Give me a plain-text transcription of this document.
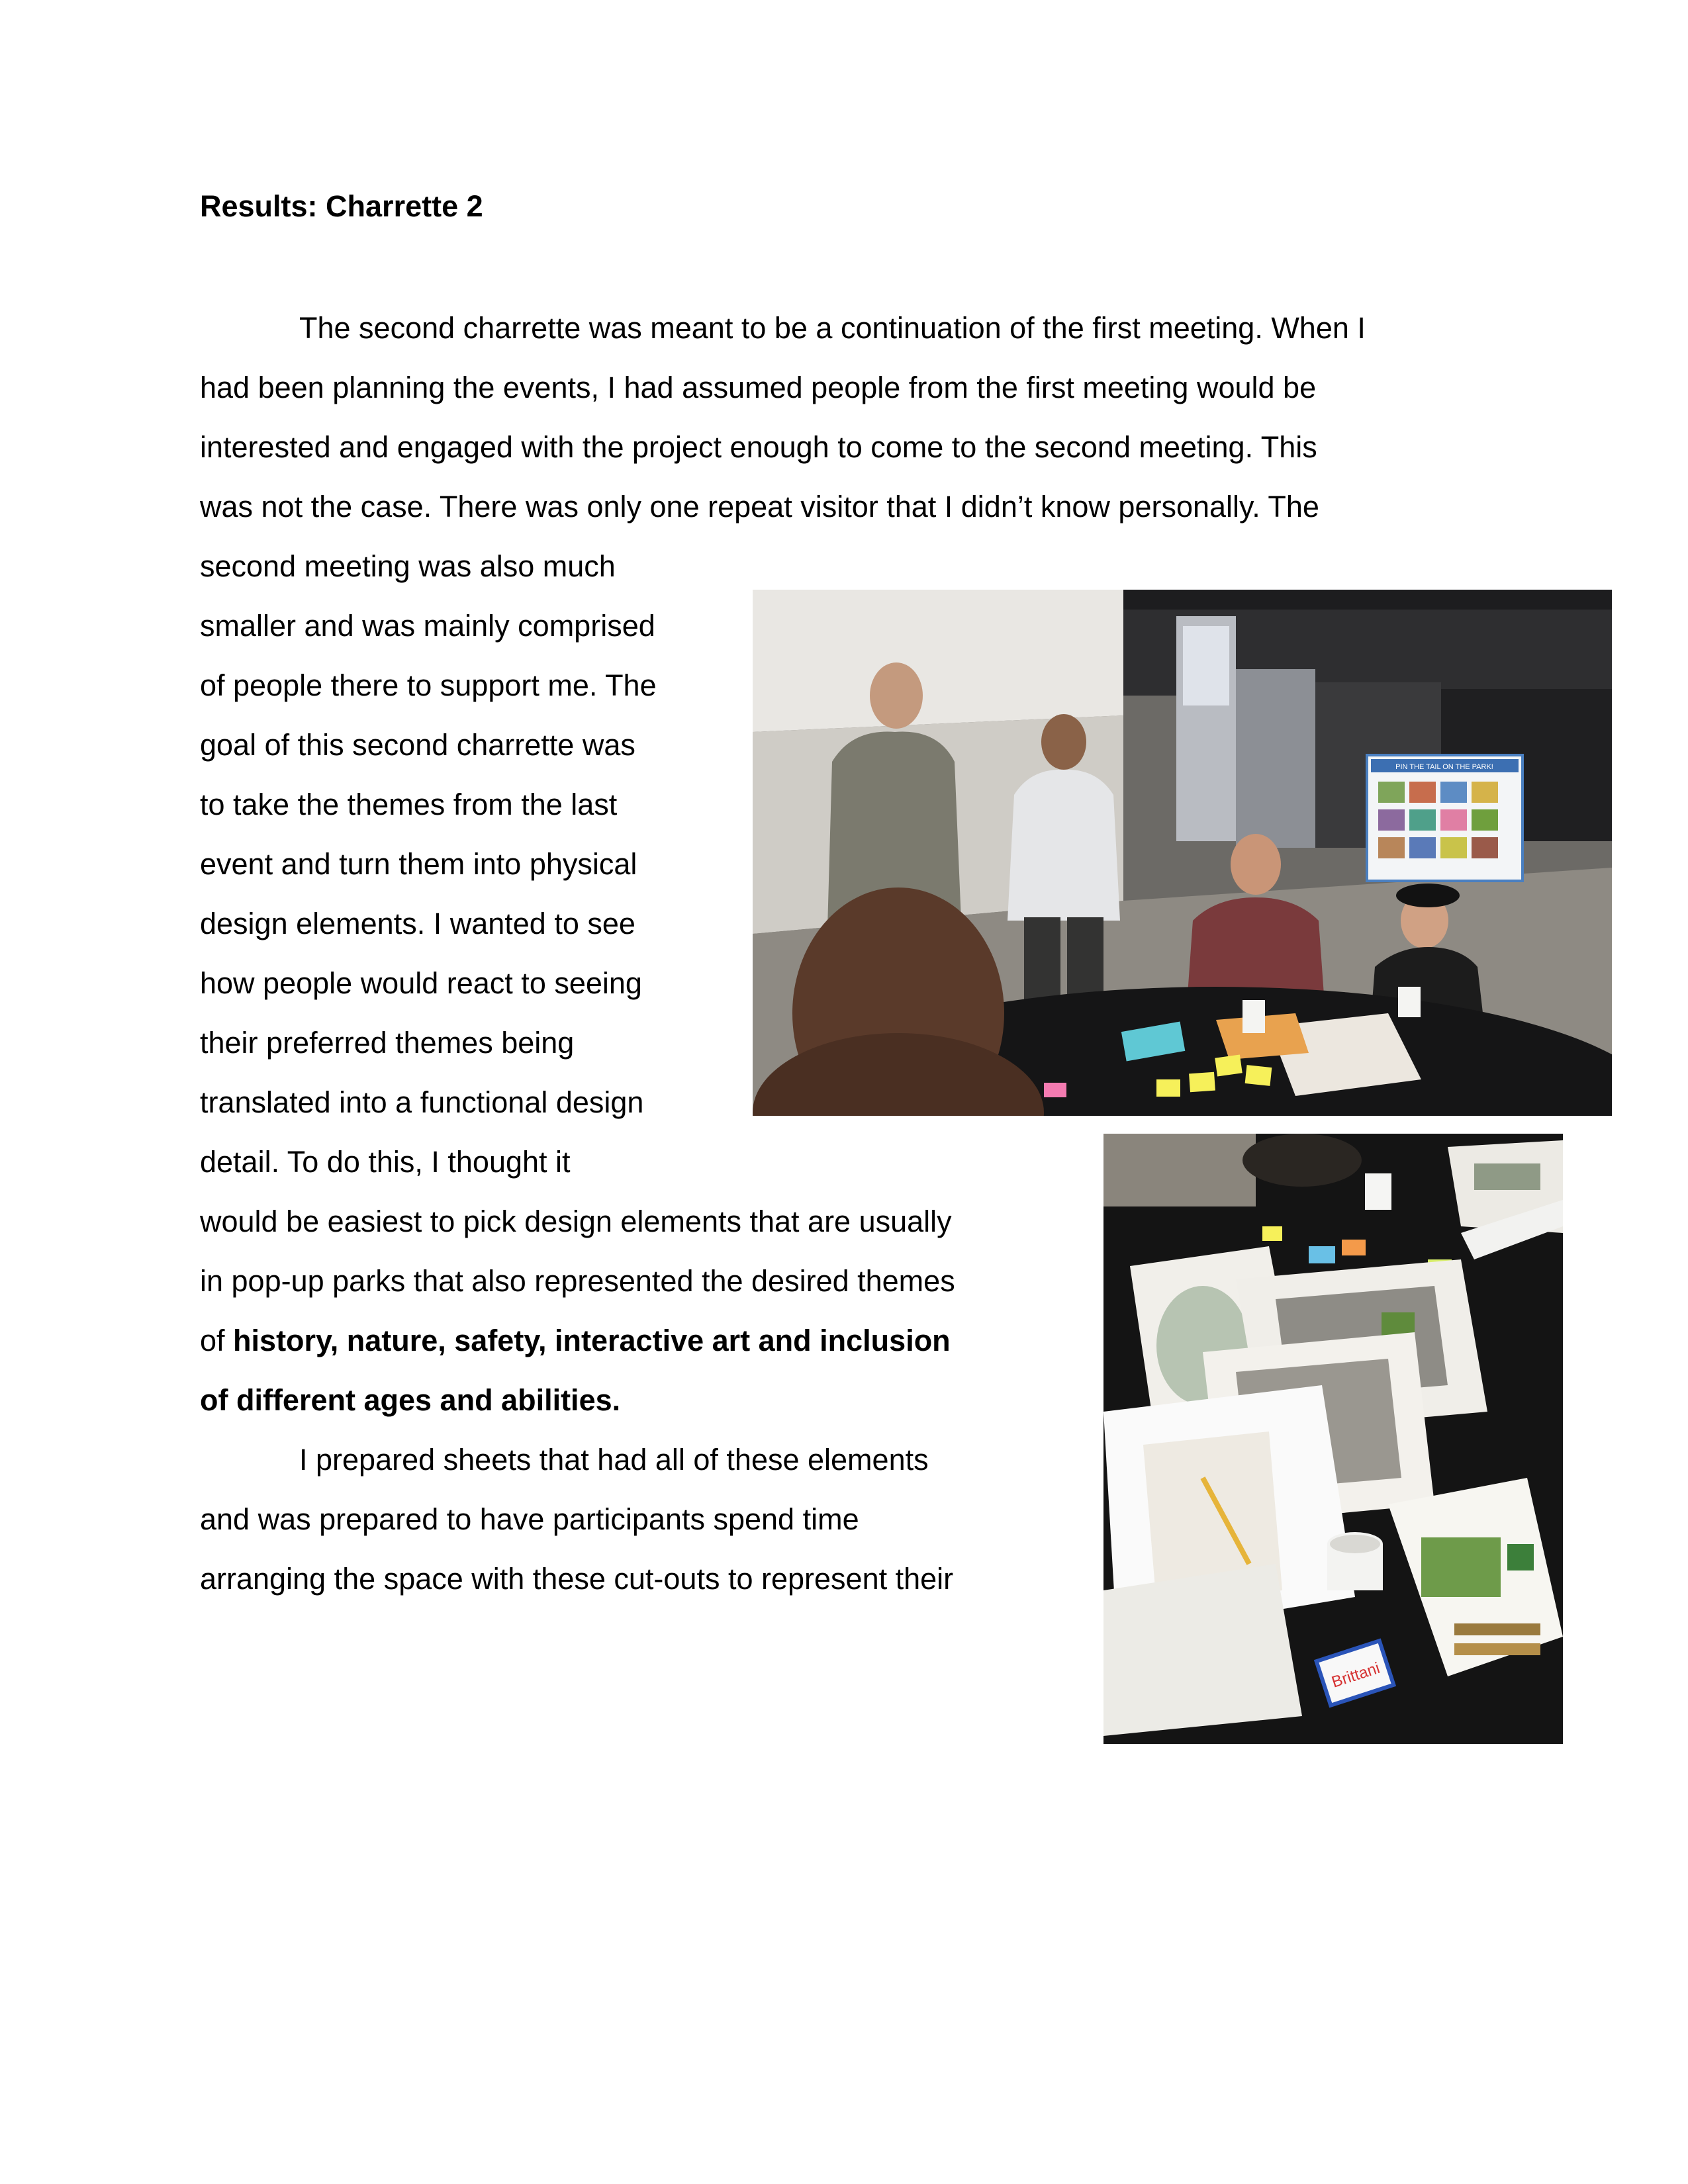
Results: Charrette 2
The second charrette was meant to be a continuation of the first meeting. When I
had been planning the events, I had assumed people from the first meeting would be
interested and engaged with the project enough to come to the second meeting. This
was not the case. There was only one repeat visitor that I didn’t know personally. The
second meeting was also much
smaller and was mainly comprised
of people there to support me. The
goal of this second charrette was
to take the themes from the last
event and turn them into physical
design elements. I wanted to see
how people would react to seeing
their preferred themes being
translated into a functional design
detail. To do this, I thought it
would be easiest to pick design elements that are usually
in pop-up parks that also represented the desired themes
of history, nature, safety, interactive art and inclusion
of different ages and abilities.
I prepared sheets that had all of these elements
and was prepared to have participants spend time
arranging the space with these cut-outs to represent their
PIN THE TAIL ON THE PARK!
Brittani
